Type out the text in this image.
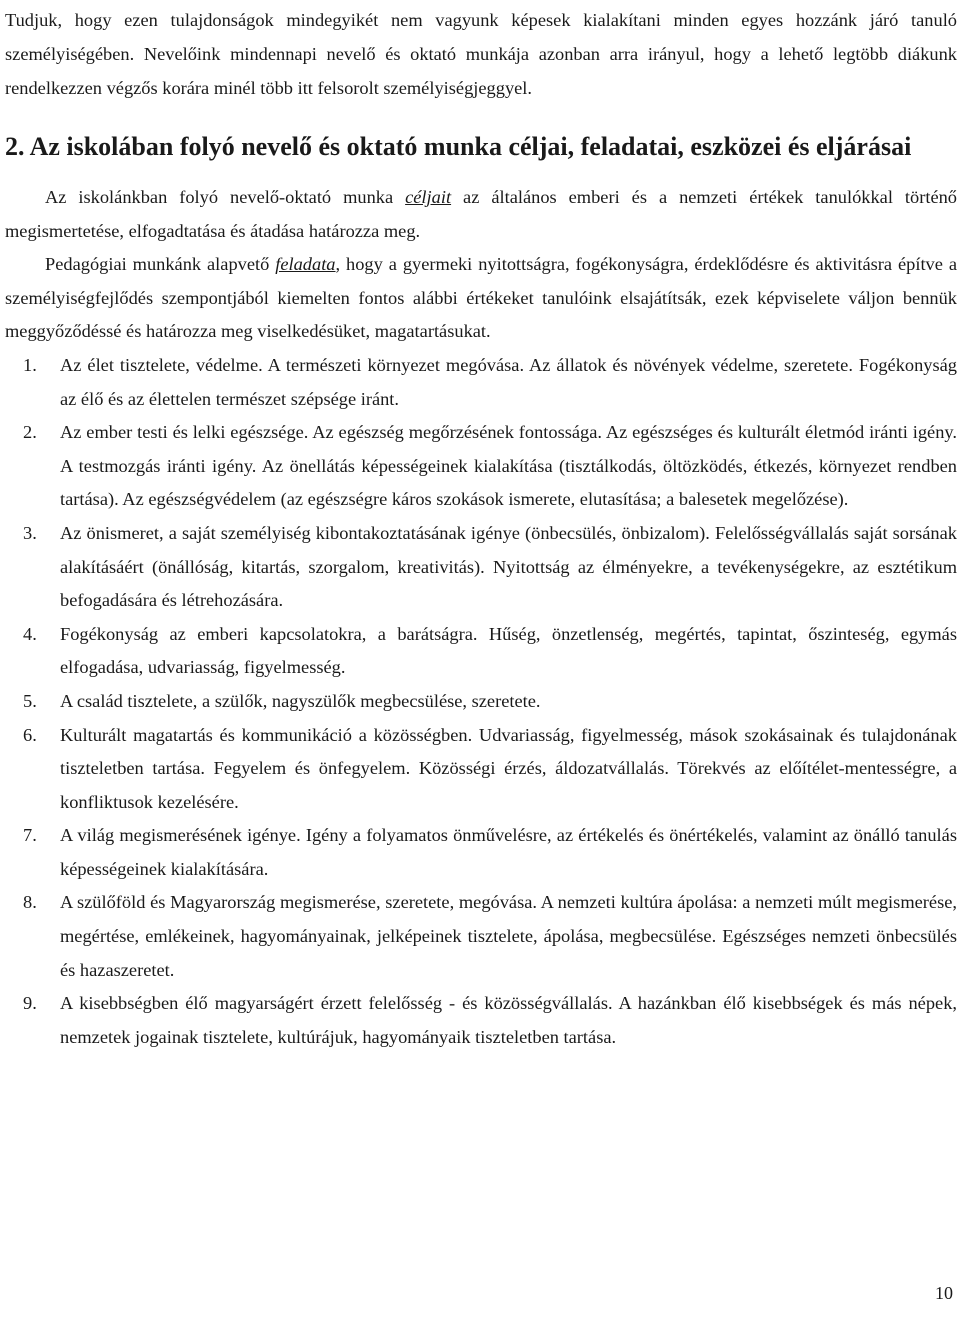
Tudjuk, hogy ezen tulajdonságok mindegyikét nem vagyunk képesek kialakítani minden egyes hozzánk járó tanuló személyiségében. Nevelőink mindennapi nevelő és oktató munkája azonban arra irányul, hogy a lehető legtöbb diákunk rendelkezzen végzős korára minél több itt felsorolt személyiségjeggyel.

2. Az iskolában folyó nevelő és oktató munka céljai, feladatai, eszközei és eljárásai

Az iskolánkban folyó nevelő-oktató munka céljait az általános emberi és a nemzeti értékek tanulókkal történő megismertetése, elfogadtatása és átadása határozza meg.

Pedagógiai munkánk alapvető feladata, hogy a gyermeki nyitottságra, fogékonyságra, érdeklődésre és aktivitásra építve a személyiségfejlődés szempontjából kiemelten fontos alábbi értékeket tanulóink elsajátítsák, ezek képviselete váljon bennük meggyőződéssé és határozza meg viselkedésüket, magatartásukat.

1. Az élet tisztelete, védelme. A természeti környezet megóvása. Az állatok és növények védelme, szeretete. Fogékonyság az élő és az élettelen természet szépsége iránt.
2. Az ember testi és lelki egészsége. Az egészség megőrzésének fontossága. Az egészséges és kulturált életmód iránti igény. A testmozgás iránti igény. Az önellátás képességeinek kialakítása (tisztálkodás, öltözködés, étkezés, környezet rendben tartása). Az egészségvédelem (az egészségre káros szokások ismerete, elutasítása; a balesetek megelőzése).
3. Az önismeret, a saját személyiség kibontakoztatásának igénye (önbecsülés, önbizalom). Felelősségvállalás saját sorsának alakításáért (önállóság, kitartás, szorgalom, kreativitás). Nyitottság az élményekre, a tevékenységekre, az esztétikum befogadására és létrehozására.
4. Fogékonyság az emberi kapcsolatokra, a barátságra. Hűség, önzetlenség, megértés, tapintat, őszinteség, egymás elfogadása, udvariasság, figyelmesség.
5. A család tisztelete, a szülők, nagyszülők megbecsülése, szeretete.
6. Kulturált magatartás és kommunikáció a közösségben. Udvariasság, figyelmesség, mások szokásainak és tulajdonának tiszteletben tartása. Fegyelem és önfegyelem. Közösségi érzés, áldozatvállalás. Törekvés az előítélet-mentességre, a konfliktusok kezelésére.
7. A világ megismerésének igénye. Igény a folyamatos önművelésre, az értékelés és önértékelés, valamint az önálló tanulás képességeinek kialakítására.
8. A szülőföld és Magyarország megismerése, szeretete, megóvása. A nemzeti kultúra ápolása: a nemzeti múlt megismerése, megértése, emlékeinek, hagyományainak, jelképeinek tisztelete, ápolása, megbecsülése. Egészséges nemzeti önbecsülés és hazaszeretet.
9. A kisebbségben élő magyarságért érzett felelősség - és közösségvállalás. A hazánkban élő kisebbségek és más népek, nemzetek jogainak tisztelete, kultúrájuk, hagyományaik tiszteletben tartása.
10
